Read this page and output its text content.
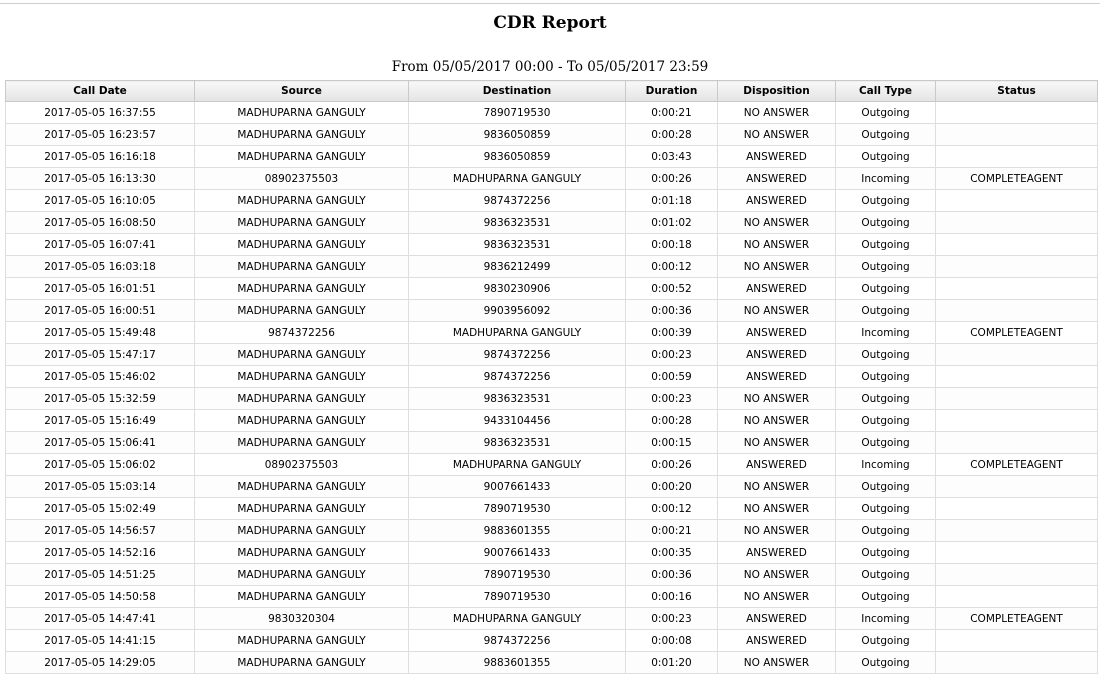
CDR Report
From 05/05/2017 00:00 - To 05/05/2017 23:59
Call Date	Source	Destination	Duration	Disposition	Call Type	Status
2017-05-05 16:37:55	MADHUPARNA GANGULY	7890719530	0:00:21	NO ANSWER	Outgoing	
2017-05-05 16:23:57	MADHUPARNA GANGULY	9836050859	0:00:28	NO ANSWER	Outgoing	
2017-05-05 16:16:18	MADHUPARNA GANGULY	9836050859	0:03:43	ANSWERED	Outgoing	
2017-05-05 16:13:30	08902375503	MADHUPARNA GANGULY	0:00:26	ANSWERED	Incoming	COMPLETEAGENT
2017-05-05 16:10:05	MADHUPARNA GANGULY	9874372256	0:01:18	ANSWERED	Outgoing	
2017-05-05 16:08:50	MADHUPARNA GANGULY	9836323531	0:01:02	NO ANSWER	Outgoing	
2017-05-05 16:07:41	MADHUPARNA GANGULY	9836323531	0:00:18	NO ANSWER	Outgoing	
2017-05-05 16:03:18	MADHUPARNA GANGULY	9836212499	0:00:12	NO ANSWER	Outgoing	
2017-05-05 16:01:51	MADHUPARNA GANGULY	9830230906	0:00:52	ANSWERED	Outgoing	
2017-05-05 16:00:51	MADHUPARNA GANGULY	9903956092	0:00:36	NO ANSWER	Outgoing	
2017-05-05 15:49:48	9874372256	MADHUPARNA GANGULY	0:00:39	ANSWERED	Incoming	COMPLETEAGENT
2017-05-05 15:47:17	MADHUPARNA GANGULY	9874372256	0:00:23	ANSWERED	Outgoing	
2017-05-05 15:46:02	MADHUPARNA GANGULY	9874372256	0:00:59	ANSWERED	Outgoing	
2017-05-05 15:32:59	MADHUPARNA GANGULY	9836323531	0:00:23	NO ANSWER	Outgoing	
2017-05-05 15:16:49	MADHUPARNA GANGULY	9433104456	0:00:28	NO ANSWER	Outgoing	
2017-05-05 15:06:41	MADHUPARNA GANGULY	9836323531	0:00:15	NO ANSWER	Outgoing	
2017-05-05 15:06:02	08902375503	MADHUPARNA GANGULY	0:00:26	ANSWERED	Incoming	COMPLETEAGENT
2017-05-05 15:03:14	MADHUPARNA GANGULY	9007661433	0:00:20	NO ANSWER	Outgoing	
2017-05-05 15:02:49	MADHUPARNA GANGULY	7890719530	0:00:12	NO ANSWER	Outgoing	
2017-05-05 14:56:57	MADHUPARNA GANGULY	9883601355	0:00:21	NO ANSWER	Outgoing	
2017-05-05 14:52:16	MADHUPARNA GANGULY	9007661433	0:00:35	ANSWERED	Outgoing	
2017-05-05 14:51:25	MADHUPARNA GANGULY	7890719530	0:00:36	NO ANSWER	Outgoing	
2017-05-05 14:50:58	MADHUPARNA GANGULY	7890719530	0:00:16	NO ANSWER	Outgoing	
2017-05-05 14:47:41	9830320304	MADHUPARNA GANGULY	0:00:23	ANSWERED	Incoming	COMPLETEAGENT
2017-05-05 14:41:15	MADHUPARNA GANGULY	9874372256	0:00:08	ANSWERED	Outgoing	
2017-05-05 14:29:05	MADHUPARNA GANGULY	9883601355	0:01:20	NO ANSWER	Outgoing	
